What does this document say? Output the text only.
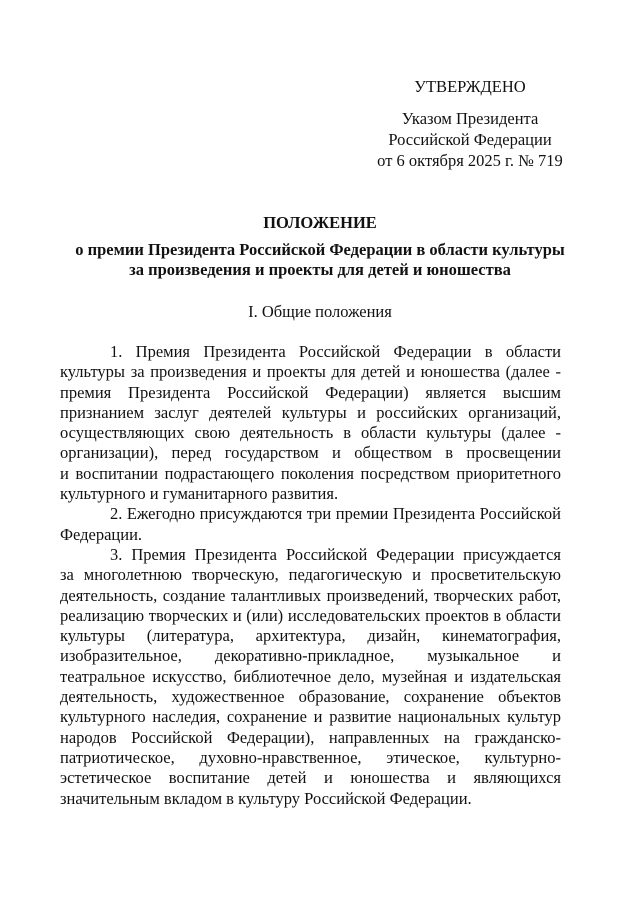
УТВЕРЖДЕНО
Указом Президента
Российской Федерации
от 6 октября 2025 г. № 719
ПОЛОЖЕНИЕ
о премии Президента Российской Федерации в области культуры
за произведения и проекты для детей и юношества
I. Общие положения
1. Премия Президента Российской Федерации в области
культуры за произведения и проекты для детей и юношества (далее -
премия Президента Российской Федерации) является высшим
признанием заслуг деятелей культуры и российских организаций,
осуществляющих свою деятельность в области культуры (далее -
организации), перед государством и обществом в просвещении
и воспитании подрастающего поколения посредством приоритетного
культурного и гуманитарного развития.
2. Ежегодно присуждаются три премии Президента Российской
Федерации.
3. Премия Президента Российской Федерации присуждается
за многолетнюю творческую, педагогическую и просветительскую
деятельность, создание талантливых произведений, творческих работ,
реализацию творческих и (или) исследовательских проектов в области
культуры (литература, архитектура, дизайн, кинематография,
изобразительное, декоративно-прикладное, музыкальное и
театральное искусство, библиотечное дело, музейная и издательская
деятельность, художественное образование, сохранение объектов
культурного наследия, сохранение и развитие национальных культур
народов Российской Федерации), направленных на гражданско-
патриотическое, духовно-нравственное, этическое, культурно-
эстетическое воспитание детей и юношества и являющихся
значительным вкладом в культуру Российской Федерации.
